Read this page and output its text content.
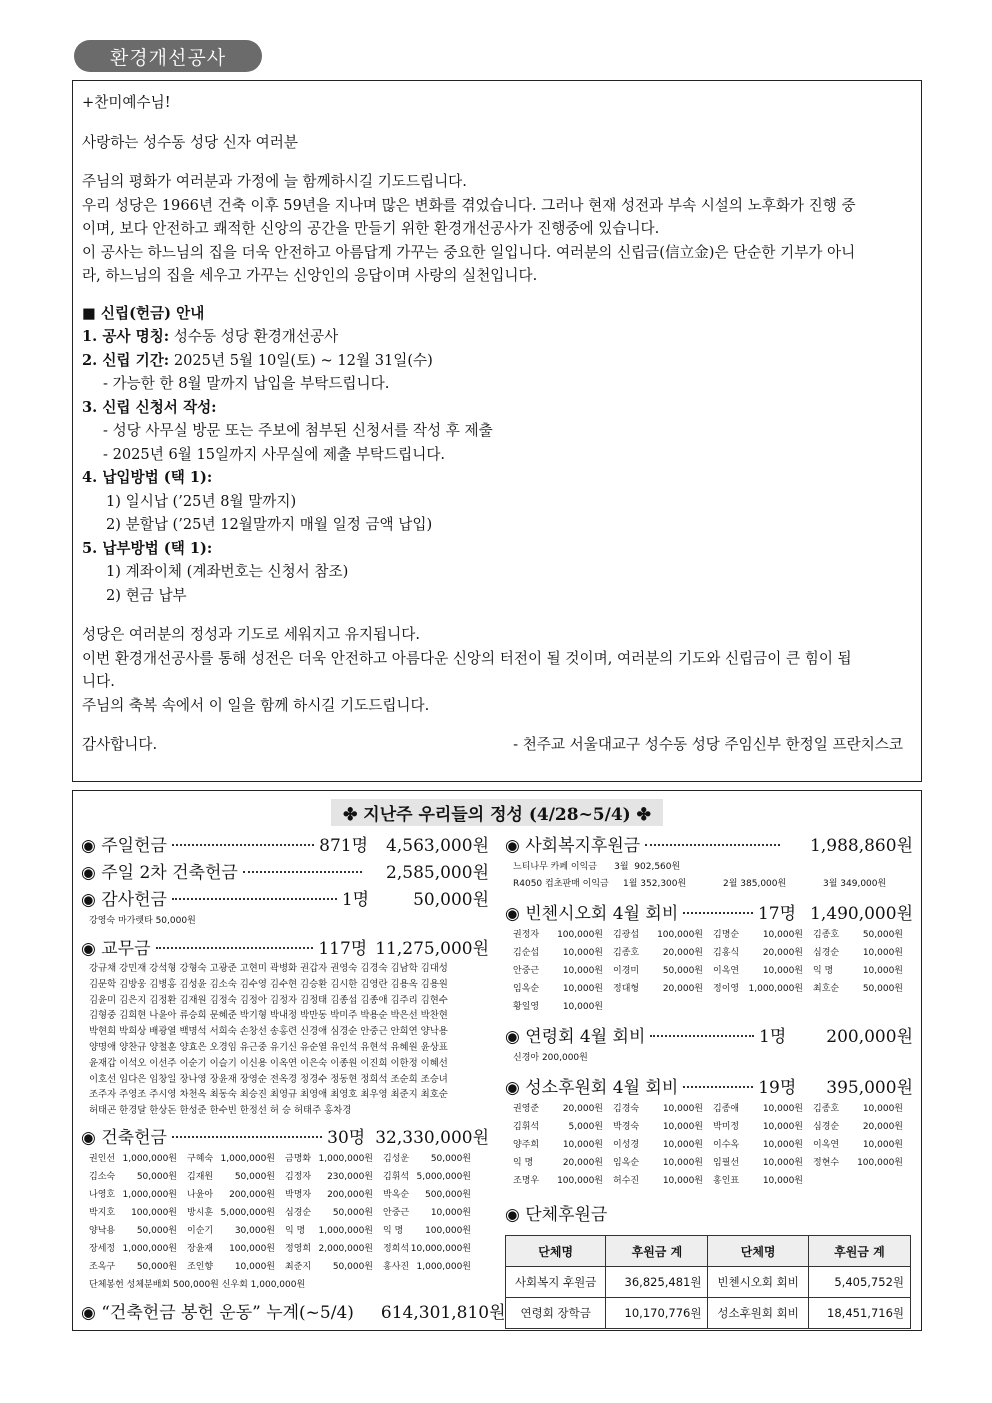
환경개선공사

+찬미예수님!

사랑하는 성수동 성당 신자 여러분

주님의 평화가 여러분과 가정에 늘 함께하시길 기도드립니다.

우리 성당은 1966년 건축 이후 59년을 지나며 많은 변화를 겪었습니다. 그러나 현재 성전과 부속 시설의 노후화가 진행 중

이며, 보다 안전하고 쾌적한 신앙의 공간을 만들기 위한 환경개선공사가 진행중에 있습니다.

이 공사는 하느님의 집을 더욱 안전하고 아름답게 가꾸는 중요한 일입니다. 여러분의 신립금(信立金)은 단순한 기부가 아니

라, 하느님의 집을 세우고 가꾸는 신앙인의 응답이며 사랑의 실천입니다.

■ 신립(헌금) 안내

1. 공사 명칭: 성수동 성당 환경개선공사

2. 신립 기간: 2025년 5월 10일(토) ~ 12월 31일(수)

- 가능한 한 8월 말까지 납입을 부탁드립니다.

3. 신립 신청서 작성:

- 성당 사무실 방문 또는 주보에 첨부된 신청서를 작성 후 제출

- 2025년 6월 15일까지 사무실에 제출 부탁드립니다.

4. 납입방법 (택 1):

1) 일시납 (’25년 8월 말까지)

2) 분할납 (’25년 12월말까지 매월 일정 금액 납입)

5. 납부방법 (택 1):

1) 계좌이체 (계좌번호는 신청서 참조)

2) 현금 납부

성당은 여러분의 정성과 기도로 세워지고 유지됩니다.

이번 환경개선공사를 통해 성전은 더욱 안전하고 아름다운 신앙의 터전이 될 것이며, 여러분의 기도와 신립금이 큰 힘이 됩

니다.

주님의 축복 속에서 이 일을 함께 하시길 기도드립니다.

감사합니다.	- 천주교 서울대교구 성수동 성당 주임신부 한정일 프란치스코
✤ 지난주 우리들의 정성 (4/28~5/4) ✤
◉ 주일헌금	871명 4,563,000원
◉ 주일 2차 건축헌금	2,585,000원
◉ 감사헌금	1명	50,000원
강영숙 마가렛타 50,000원
◉ 교무금	117명 11,275,000원
강규채 강민재 강석형 강형숙 고광준 고현미 곽병화 권갑자 권영숙 김경숙 김남학 김대성
김문학 김방웅 김병홍 김성윤 김소숙 김수영 김수현 김승환 김시한 김영란 김용옥 김용원
김윤미 김은지 김정환 김재원 김정숙 김정아 김정자 김정태 김종섭 김종애 김주리 김현수
김형중 김희현 나윤아 류승희 문혜준 박기형 박내정 박만동 박미주 박용순 박은선 박찬현
박현희 박희상 배광열 백명석 서희숙 손창선 송홍련 신경애 심경순 안중근 안희연 양낙용
양명애 양찬규 양철훈 양효은 오경임 유근중 유기신 유순열 유인석 유현석 유혜원 윤상표
윤재갑 이석오 이선주 이순기 이슬기 이신용 이옥연 이은숙 이종원 이진희 이한정 이혜선
이호선 임다은 임창일 장나영 장윤재 장영순 전옥경 정경수 정동현 정희석 조순희 조승녀
조주자 주영조 주시영 차천옥 최동숙 최승진 최영규 최영애 최영호 최우영 최준지 최호순
허태곤 한경달 한상돈 한성준 한수빈 한정선 허 승 허태주 홍차경
◉ 건축헌금	30명 32,330,000원
권인선 1,000,000원 구혜숙 1,000,000원 금명화 1,000,000원 김성운 50,000원
김소숙 50,000원 김재원 50,000원 김정자 230,000원 김휘석 5,000,000원
나영호 1,000,000원 나윤아 200,000원 박명자 200,000원 박옥순 500,000원
박지호 100,000원 방시훈 5,000,000원 심경순 50,000원 안중근 10,000원
양낙용 50,000원 이순기 30,000원 익 명 1,000,000원 익 명 100,000원
장세정 1,000,000원 장윤재 100,000원 정영희 2,000,000원 정희석 10,000,000원
조옥구 50,000원 조인향 10,000원 최준지 50,000원 홍사진 1,000,000원
단체봉헌 성체분배회 500,000원 신우회 1,000,000원
◉ “건축헌금 봉헌 운동” 누계(~5/4) 614,301,810원
◉ 사회복지후원금	1,988,860원
느티나무 카페 이익금      3월  902,560원
R4050 컵초판매 이익금	1월 352,300원	2월 385,000원	3월 349,000원
◉ 빈첸시오회 4월 회비	17명 1,490,000원
권정자 100,000원 김광섭 100,000원 김명순	10,000원 김종호	50,000원
김순섭	10,000원 김종호	20,000원 김홍식	20,000원 심경순	10,000원
안중근	10,000원 이경미	50,000원 이옥연	10,000원 익 명	10,000원
임옥순	10,000원 정대형	20,000원 정이영 1,000,000원 최호순	50,000원
황일영	10,000원
◉ 연령회 4월 회비	1명 200,000원
신경아 200,000원
◉ 성소후원회 4월 회비	19명 395,000원
권영준	20,000원 김경숙	10,000원 김종애	10,000원 김종호	10,000원
김휘석	5,000원 박경숙	10,000원 박미정	10,000원 심경순	20,000원
양주희	10,000원 이성경	10,000원 이수옥	10,000원 이옥연	10,000원
익 명	20,000원 임옥순	10,000원 임필선	10,000원 정현수 100,000원
조명우 100,000원 허수진	10,000원 홍인표	10,000원
◉ 단체후원금
단체명	후원금 계	단체명	후원금 계
사회복지 후원금	36,825,481원	빈첸시오회 회비	5,405,752원
연령회 장학금	10,170,776원	성소후원회 회비	18,451,716원
